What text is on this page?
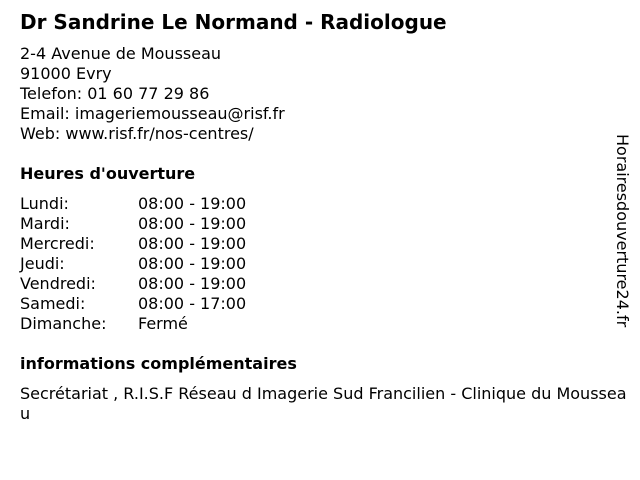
Dr Sandrine Le Normand - Radiologue
2-4 Avenue de Mousseau
91000 Evry
Telefon: 01 60 77 29 86
Email: imageriemousseau@risf.fr
Web: www.risf.fr/nos-centres/
Heures d'ouverture
Lundi:	08:00 - 19:00
Mardi:	08:00 - 19:00
Mercredi:	08:00 - 19:00
Jeudi:	08:00 - 19:00
Vendredi:	08:00 - 19:00
Samedi:	08:00 - 17:00
Dimanche:	Fermé
informations complémentaires
Secrétariat , R.I.S.F Réseau d Imagerie Sud Francilien - Clinique du Mousseau
Horairesdouverture24.fr
